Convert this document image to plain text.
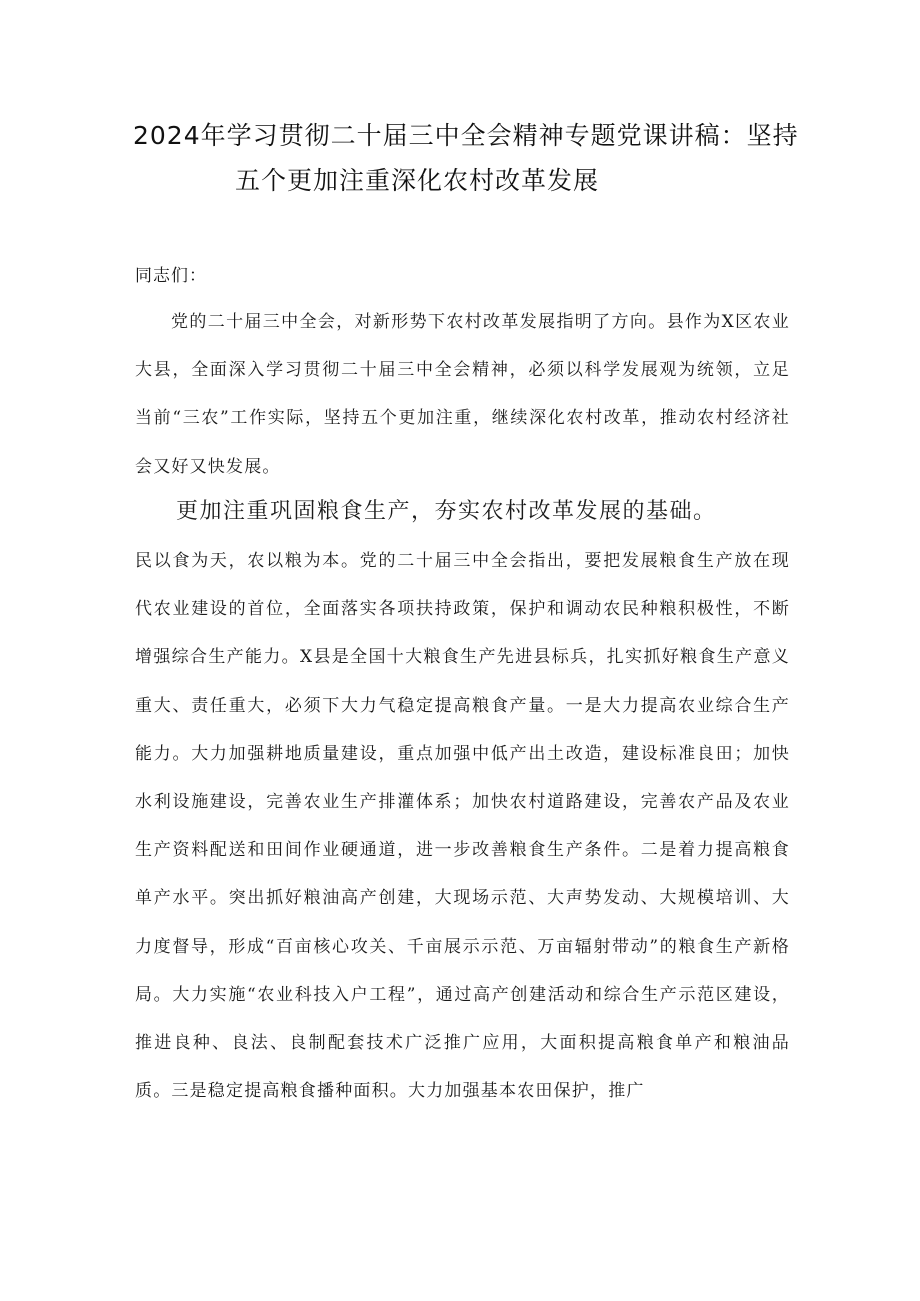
2024年学习贯彻二十届三中全会精神专题党课讲稿：坚持
五个更加注重深化农村改革发展
同志们：
党的二十届三中全会，对新形势下农村改革发展指明了方向。县作为X区农业大县，全面深入学习贯彻二十届三中全会精神，必须以科学发展观为统领，立足当前“三农”工作实际，坚持五个更加注重，继续深化农村改革，推动农村经济社会又好又快发展。
更加注重巩固粮食生产，夯实农村改革发展的基础。
民以食为天，农以粮为本。党的二十届三中全会指出，要把发展粮食生产放在现代农业建设的首位，全面落实各项扶持政策，保护和调动农民种粮积极性，不断增强综合生产能力。X县是全国十大粮食生产先进县标兵，扎实抓好粮食生产意义重大、责任重大，必须下大力气稳定提高粮食产量。一是大力提高农业综合生产能力。大力加强耕地质量建设，重点加强中低产出土改造，建设标准良田；加快水利设施建设，完善农业生产排灌体系；加快农村道路建设，完善农产品及农业生产资料配送和田间作业硬通道，进一步改善粮食生产条件。二是着力提高粮食单产水平。突出抓好粮油高产创建，大现场示范、大声势发动、大规模培训、大力度督导，形成“百亩核心攻关、千亩展示示范、万亩辐射带动”的粮食生产新格局。大力实施“农业科技入户工程”，通过高产创建活动和综合生产示范区建设，推进良种、良法、良制配套技术广泛推广应用，大面积提高粮食单产和粮油品质。三是稳定提高粮食播种面积。大力加强基本农田保护，推广
